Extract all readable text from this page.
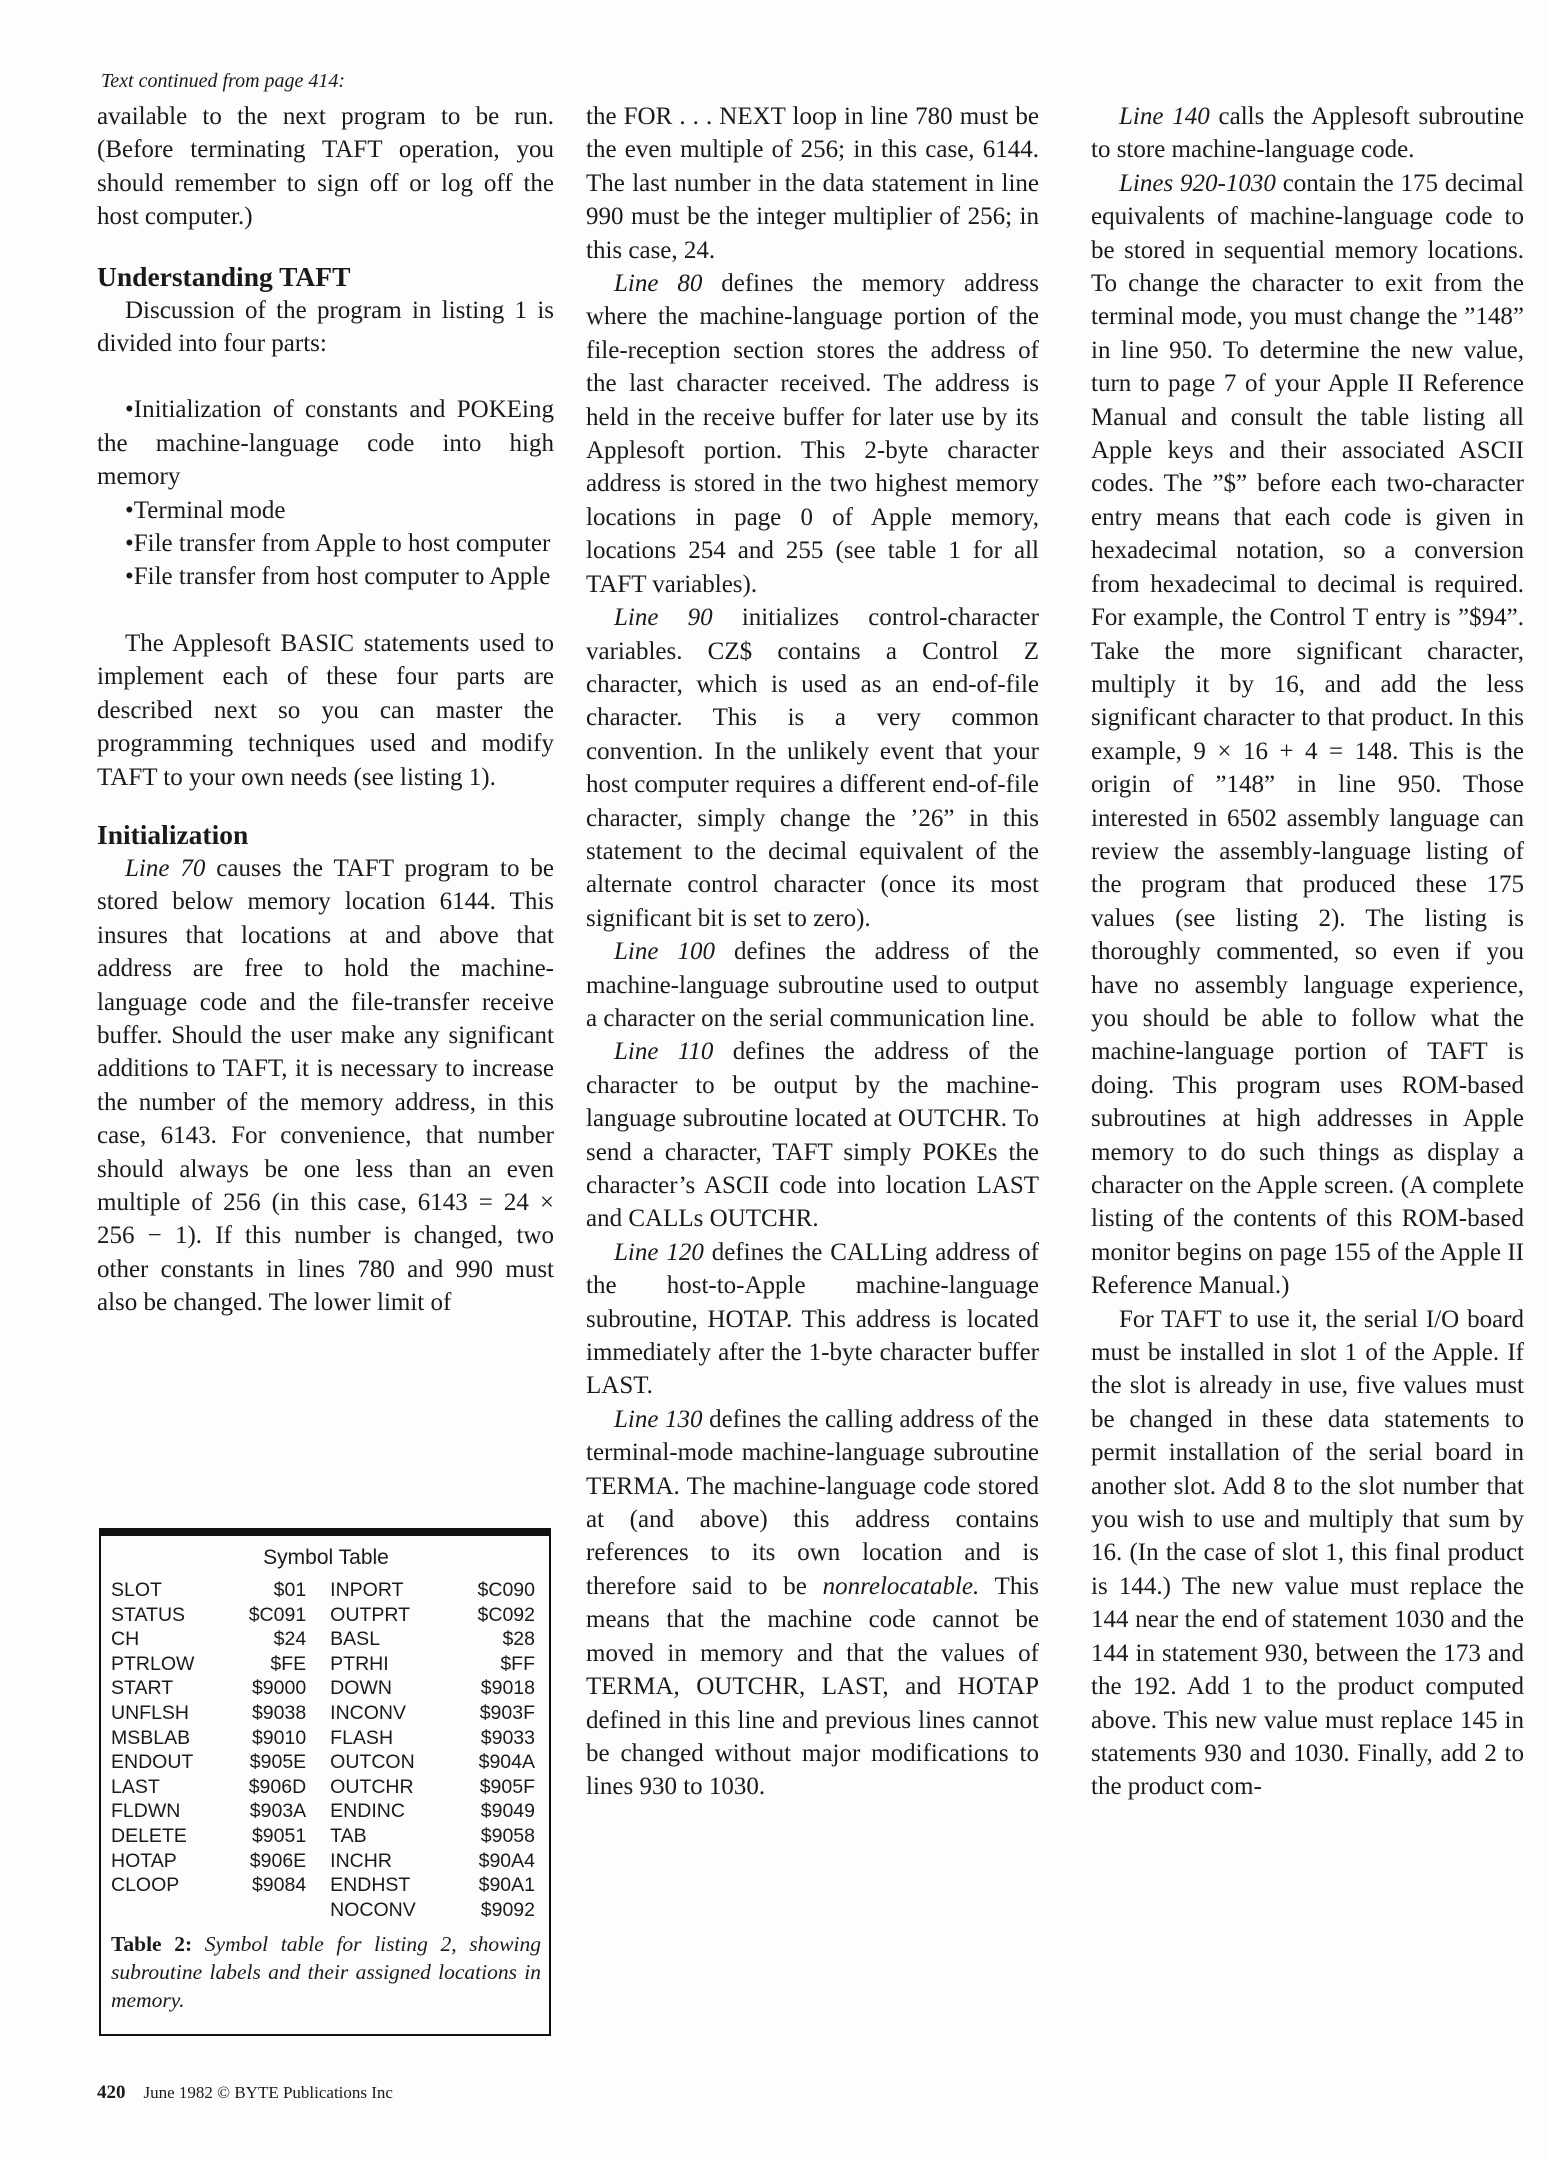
Text continued from page 414:

available to the next program to be run. (Before terminating TAFT operation, you should remember to sign off or log off the host computer.)

Understanding TAFT

Discussion of the program in listing 1 is divided into four parts:

•Initialization of constants and POKEing the machine-language code into high memory

•Terminal mode

•File transfer from Apple to host computer

•File transfer from host computer to Apple

The Applesoft BASIC statements used to implement each of these four parts are described next so you can master the programming techniques used and modify TAFT to your own needs (see listing 1).

Initialization

Line 70 causes the TAFT program to be stored below memory location 6144. This insures that locations at and above that address are free to hold the machine-language code and the file-transfer receive buffer. Should the user make any significant additions to TAFT, it is necessary to increase the number of the memory address, in this case, 6143. For convenience, that number should always be one less than an even multiple of 256 (in this case, 6143 = 24 × 256 − 1). If this number is changed, two other constants in lines 780 and 990 must also be changed. The lower limit of

Symbol Table
SLOT	$01	INPORT	$C090
STATUS	$C091	OUTPRT	$C092
CH	$24	BASL	$28
PTRLOW	$FE	PTRHI	$FF
START	$9000	DOWN	$9018
UNFLSH	$9038	INCONV	$903F
MSBLAB	$9010	FLASH	$9033
ENDOUT	$905E	OUTCON	$904A
LAST	$906D	OUTCHR	$905F
FLDWN	$903A	ENDINC	$9049
DELETE	$9051	TAB	$9058
HOTAP	$906E	INCHR	$90A4
CLOOP	$9084	ENDHST	$90A1
		NOCONV	$9092
Table 2: Symbol table for listing 2, showing subroutine labels and their assigned locations in memory.

the FOR . . . NEXT loop in line 780 must be the even multiple of 256; in this case, 6144. The last number in the data statement in line 990 must be the integer multiplier of 256; in this case, 24.

Line 80 defines the memory address where the machine-language portion of the file-reception section stores the address of the last character received. The address is held in the receive buffer for later use by its Applesoft portion. This 2-byte character address is stored in the two highest memory locations in page 0 of Apple memory, locations 254 and 255 (see table 1 for all TAFT variables).

Line 90 initializes control-character variables. CZ$ contains a Control Z character, which is used as an end-of-file character. This is a very common convention. In the unlikely event that your host computer requires a different end-of-file character, simply change the ’26” in this statement to the decimal equivalent of the alternate control character (once its most significant bit is set to zero).

Line 100 defines the address of the machine-language subroutine used to output a character on the serial communication line.

Line 110 defines the address of the character to be output by the machine-language subroutine located at OUTCHR. To send a character, TAFT simply POKEs the character’s ASCII code into location LAST and CALLs OUTCHR.

Line 120 defines the CALLing address of the host-to-Apple machine-language subroutine, HOTAP. This address is located immediately after the 1-byte character buffer LAST.

Line 130 defines the calling address of the terminal-mode machine-language subroutine TERMA. The machine-language code stored at (and above) this address contains references to its own location and is therefore said to be nonrelocatable. This means that the machine code cannot be moved in memory and that the values of TERMA, OUTCHR, LAST, and HOTAP defined in this line and previous lines cannot be changed without major modifications to lines 930 to 1030.

Line 140 calls the Applesoft subroutine to store machine-language code.

Lines 920-1030 contain the 175 decimal equivalents of machine-language code to be stored in sequential memory locations. To change the character to exit from the terminal mode, you must change the ”148” in line 950. To determine the new value, turn to page 7 of your Apple II Reference Manual and consult the table listing all Apple keys and their associated ASCII codes. The ”$” before each two-character entry means that each code is given in hexadecimal notation, so a conversion from hexadecimal to decimal is required. For example, the Control T entry is ”$94”. Take the more significant character, multiply it by 16, and add the less significant character to that product. In this example, 9 × 16 + 4 = 148. This is the origin of ”148” in line 950. Those interested in 6502 assembly language can review the assembly-language listing of the program that produced these 175 values (see listing 2). The listing is thoroughly commented, so even if you have no assembly language experience, you should be able to follow what the machine-language portion of TAFT is doing. This program uses ROM-based subroutines at high addresses in Apple memory to do such things as display a character on the Apple screen. (A complete listing of the contents of this ROM-based monitor begins on page 155 of the Apple II Reference Manual.)

For TAFT to use it, the serial I/O board must be installed in slot 1 of the Apple. If the slot is already in use, five values must be changed in these data statements to permit installation of the serial board in another slot. Add 8 to the slot number that you wish to use and multiply that sum by 16. (In the case of slot 1, this final product is 144.) The new value must replace the 144 near the end of statement 1030 and the 144 in statement 930, between the 173 and the 192. Add 1 to the product computed above. This new value must replace 145 in statements 930 and 1030. Finally, add 2 to the product com-

420 June 1982 © BYTE Publications Inc
